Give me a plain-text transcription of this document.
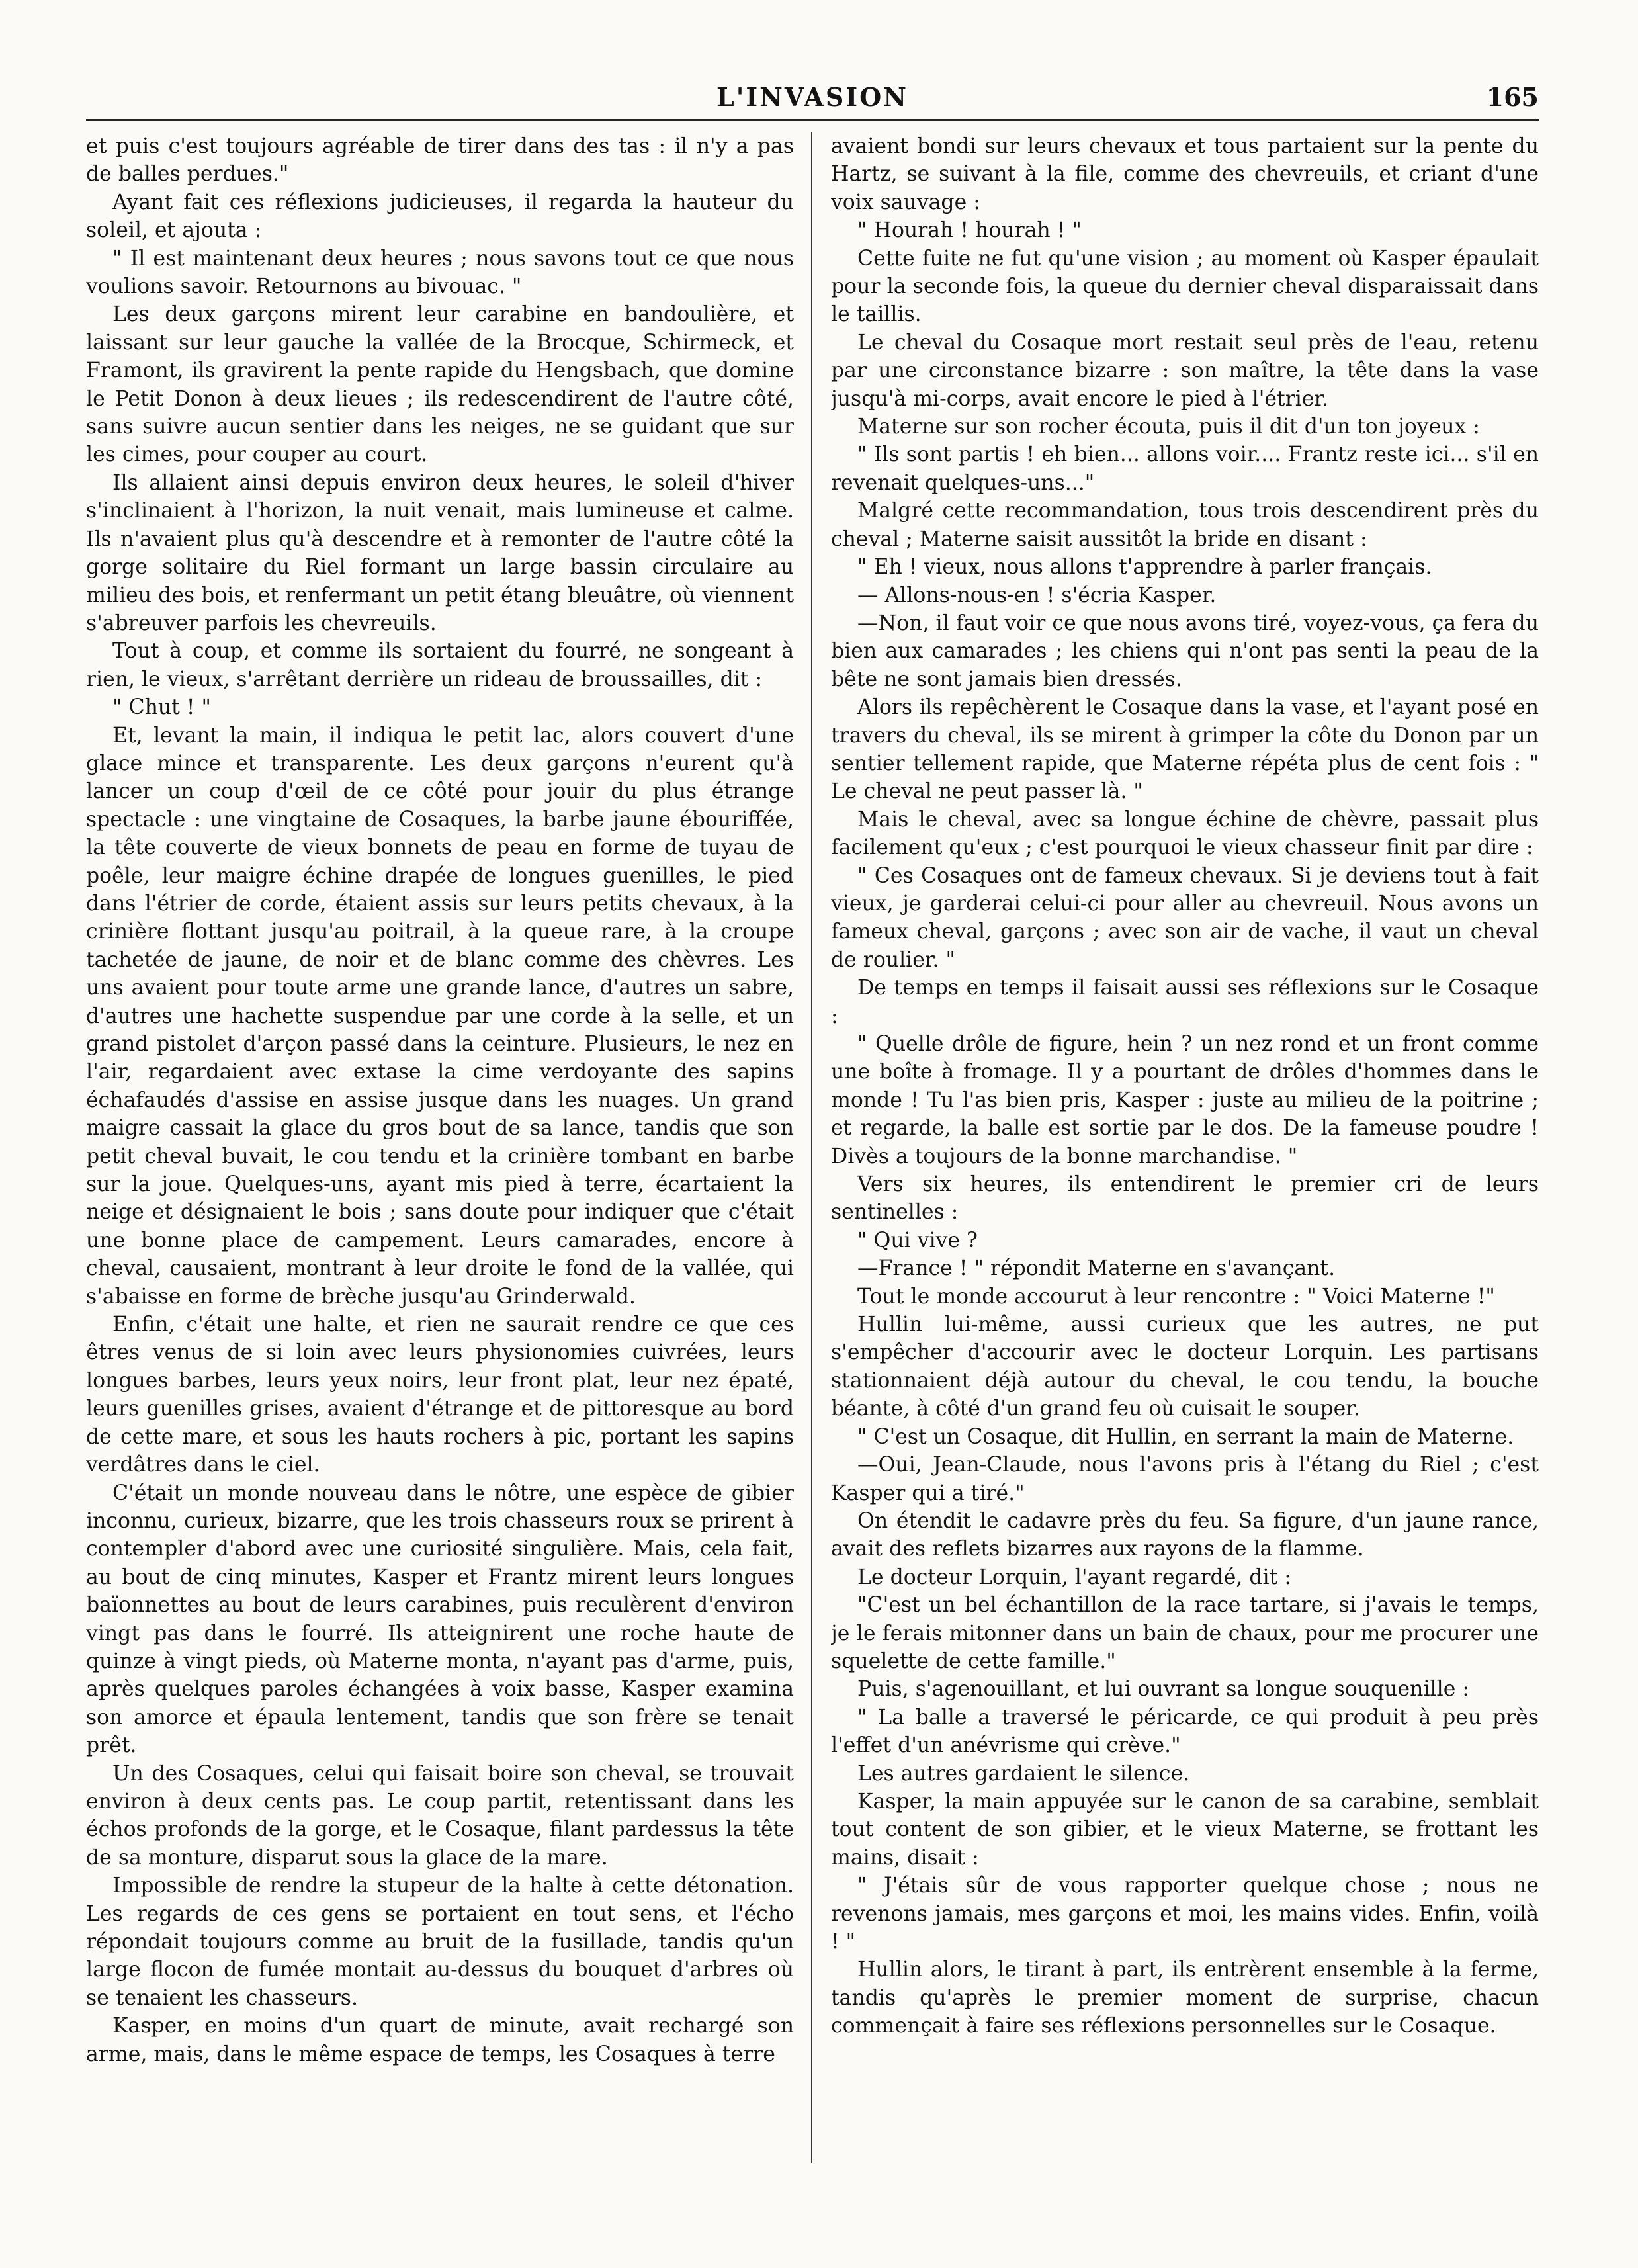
L'INVASION	165

et puis c'est toujours agréable de tirer dans des tas : il n'y a pas de balles perdues."

Ayant fait ces réflexions judicieuses, il regarda la hauteur du soleil, et ajouta :

" Il est maintenant deux heures ; nous savons tout ce que nous voulions savoir. Retournons au bivouac. "

Les deux garçons mirent leur carabine en bandoulière, et laissant sur leur gauche la vallée de la Brocque, Schirmeck, et Framont, ils gravirent la pente rapide du Hengsbach, que domine le Petit Donon à deux lieues ; ils redescendirent de l'autre côté, sans suivre aucun sentier dans les neiges, ne se guidant que sur les cimes, pour couper au court.

Ils allaient ainsi depuis environ deux heures, le soleil d'hiver s'inclinaient à l'horizon, la nuit venait, mais lumineuse et calme. Ils n'avaient plus qu'à descendre et à remonter de l'autre côté la gorge solitaire du Riel formant un large bassin circulaire au milieu des bois, et renfermant un petit étang bleuâtre, où viennent s'abreuver parfois les chevreuils.

Tout à coup, et comme ils sortaient du fourré, ne songeant à rien, le vieux, s'arrêtant derrière un rideau de broussailles, dit :

" Chut ! "

Et, levant la main, il indiqua le petit lac, alors couvert d'une glace mince et transparente. Les deux garçons n'eurent qu'à lancer un coup d'œil de ce côté pour jouir du plus étrange spectacle : une vingtaine de Cosaques, la barbe jaune ébouriffée, la tête couverte de vieux bonnets de peau en forme de tuyau de poêle, leur maigre échine drapée de longues guenilles, le pied dans l'étrier de corde, étaient assis sur leurs petits chevaux, à la crinière flottant jusqu'au poitrail, à la queue rare, à la croupe tachetée de jaune, de noir et de blanc comme des chèvres. Les uns avaient pour toute arme une grande lance, d'autres un sabre, d'autres une hachette suspendue par une corde à la selle, et un grand pistolet d'arçon passé dans la ceinture. Plusieurs, le nez en l'air, regardaient avec extase la cime verdoyante des sapins échafaudés d'assise en assise jusque dans les nuages. Un grand maigre cassait la glace du gros bout de sa lance, tandis que son petit cheval buvait, le cou tendu et la crinière tombant en barbe sur la joue. Quelques-uns, ayant mis pied à terre, écartaient la neige et désignaient le bois ; sans doute pour indiquer que c'était une bonne place de campement. Leurs camarades, encore à cheval, causaient, montrant à leur droite le fond de la vallée, qui s'abaisse en forme de brèche jusqu'au Grinderwald.

Enfin, c'était une halte, et rien ne saurait rendre ce que ces êtres venus de si loin avec leurs physionomies cuivrées, leurs longues barbes, leurs yeux noirs, leur front plat, leur nez épaté, leurs guenilles grises, avaient d'étrange et de pittoresque au bord de cette mare, et sous les hauts rochers à pic, portant les sapins verdâtres dans le ciel.

C'était un monde nouveau dans le nôtre, une espèce de gibier inconnu, curieux, bizarre, que les trois chasseurs roux se prirent à contempler d'abord avec une curiosité singulière. Mais, cela fait, au bout de cinq minutes, Kasper et Frantz mirent leurs longues baïonnettes au bout de leurs carabines, puis reculèrent d'environ vingt pas dans le fourré. Ils atteignirent une roche haute de quinze à vingt pieds, où Materne monta, n'ayant pas d'arme, puis, après quelques paroles échangées à voix basse, Kasper examina son amorce et épaula lentement, tandis que son frère se tenait prêt.

Un des Cosaques, celui qui faisait boire son cheval, se trouvait environ à deux cents pas. Le coup partit, retentissant dans les échos profonds de la gorge, et le Cosaque, filant pardessus la tête de sa monture, disparut sous la glace de la mare.

Impossible de rendre la stupeur de la halte à cette détonation. Les regards de ces gens se portaient en tout sens, et l'écho répondait toujours comme au bruit de la fusillade, tandis qu'un large flocon de fumée montait au-dessus du bouquet d'arbres où se tenaient les chasseurs.

Kasper, en moins d'un quart de minute, avait rechargé son arme, mais, dans le même espace de temps, les Cosaques à terre

avaient bondi sur leurs chevaux et tous partaient sur la pente du Hartz, se suivant à la file, comme des chevreuils, et criant d'une voix sauvage :

" Hourah ! hourah ! "

Cette fuite ne fut qu'une vision ; au moment où Kasper épaulait pour la seconde fois, la queue du dernier cheval disparaissait dans le taillis.

Le cheval du Cosaque mort restait seul près de l'eau, retenu par une circonstance bizarre : son maître, la tête dans la vase jusqu'à mi-corps, avait encore le pied à l'étrier.

Materne sur son rocher écouta, puis il dit d'un ton joyeux :

" Ils sont partis ! eh bien... allons voir.... Frantz reste ici... s'il en revenait quelques-uns..."

Malgré cette recommandation, tous trois descendirent près du cheval ; Materne saisit aussitôt la bride en disant :

" Eh ! vieux, nous allons t'apprendre à parler français.

— Allons-nous-en ! s'écria Kasper.

—Non, il faut voir ce que nous avons tiré, voyez-vous, ça fera du bien aux camarades ; les chiens qui n'ont pas senti la peau de la bête ne sont jamais bien dressés.

Alors ils repêchèrent le Cosaque dans la vase, et l'ayant posé en travers du cheval, ils se mirent à grimper la côte du Donon par un sentier tellement rapide, que Materne répéta plus de cent fois : " Le cheval ne peut passer là. "

Mais le cheval, avec sa longue échine de chèvre, passait plus facilement qu'eux ; c'est pourquoi le vieux chasseur finit par dire :

" Ces Cosaques ont de fameux chevaux. Si je deviens tout à fait vieux, je garderai celui-ci pour aller au chevreuil. Nous avons un fameux cheval, garçons ; avec son air de vache, il vaut un cheval de roulier. "

De temps en temps il faisait aussi ses réflexions sur le Cosaque :

" Quelle drôle de figure, hein ? un nez rond et un front comme une boîte à fromage. Il y a pourtant de drôles d'hommes dans le monde ! Tu l'as bien pris, Kasper : juste au milieu de la poitrine ; et regarde, la balle est sortie par le dos. De la fameuse poudre ! Divès a toujours de la bonne marchandise. "

Vers six heures, ils entendirent le premier cri de leurs sentinelles :

" Qui vive ?

—France ! " répondit Materne en s'avançant.

Tout le monde accourut à leur rencontre : " Voici Materne !"

Hullin lui-même, aussi curieux que les autres, ne put s'empêcher d'accourir avec le docteur Lorquin. Les partisans stationnaient déjà autour du cheval, le cou tendu, la bouche béante, à côté d'un grand feu où cuisait le souper.

" C'est un Cosaque, dit Hullin, en serrant la main de Materne.

—Oui, Jean-Claude, nous l'avons pris à l'étang du Riel ; c'est Kasper qui a tiré."

On étendit le cadavre près du feu. Sa figure, d'un jaune rance, avait des reflets bizarres aux rayons de la flamme.

Le docteur Lorquin, l'ayant regardé, dit :

"C'est un bel échantillon de la race tartare, si j'avais le temps, je le ferais mitonner dans un bain de chaux, pour me procurer une squelette de cette famille."

Puis, s'agenouillant, et lui ouvrant sa longue souquenille :

" La balle a traversé le péricarde, ce qui produit à peu près l'effet d'un anévrisme qui crève."

Les autres gardaient le silence.

Kasper, la main appuyée sur le canon de sa carabine, semblait tout content de son gibier, et le vieux Materne, se frottant les mains, disait :

" J'étais sûr de vous rapporter quelque chose ; nous ne revenons jamais, mes garçons et moi, les mains vides. Enfin, voilà ! "

Hullin alors, le tirant à part, ils entrèrent ensemble à la ferme, tandis qu'après le premier moment de surprise, chacun commençait à faire ses réflexions personnelles sur le Cosaque.
